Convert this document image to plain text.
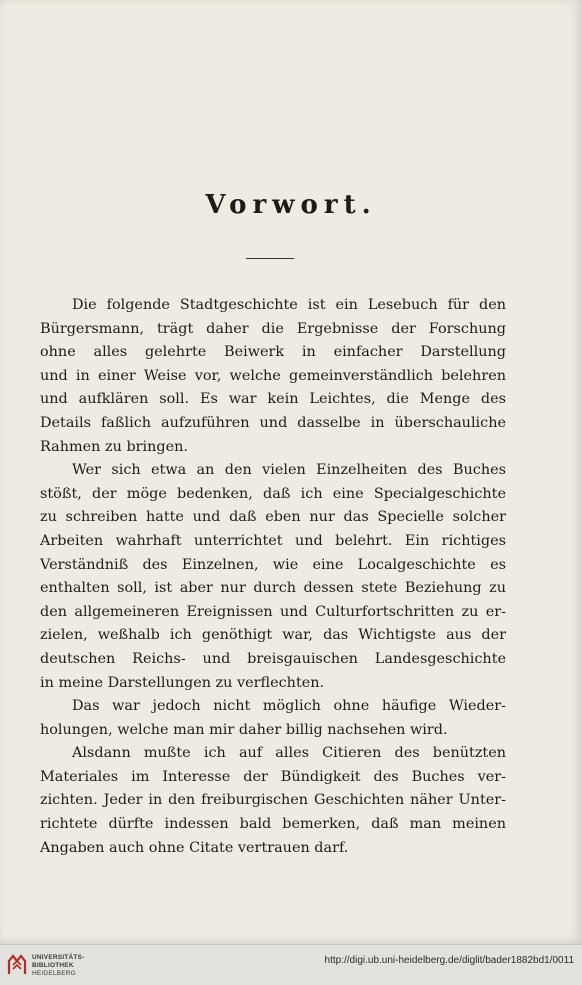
Vorwort.
Die folgende Stadtgeschichte ist ein Lesebuch für den
Bürgersmann, trägt daher die Ergebnisse der Forschung
ohne alles gelehrte Beiwerk in einfacher Darstellung
und in einer Weise vor, welche gemeinverständlich belehren
und aufklären soll. Es war kein Leichtes, die Menge des
Details faßlich aufzuführen und dasselbe in überschauliche
Rahmen zu bringen.
Wer sich etwa an den vielen Einzelheiten des Buches
stößt, der möge bedenken, daß ich eine Specialgeschichte
zu schreiben hatte und daß eben nur das Specielle solcher
Arbeiten wahrhaft unterrichtet und belehrt. Ein richtiges
Verständniß des Einzelnen, wie eine Localgeschichte es
enthalten soll, ist aber nur durch dessen stete Beziehung zu
den allgemeineren Ereignissen und Culturfortschritten zu er-
zielen, weßhalb ich genöthigt war, das Wichtigste aus der
deutschen Reichs- und breisgauischen Landesgeschichte
in meine Darstellungen zu verflechten.
Das war jedoch nicht möglich ohne häufige Wieder-
holungen, welche man mir daher billig nachsehen wird.
Alsdann mußte ich auf alles Citieren des benützten
Materiales im Interesse der Bündigkeit des Buches ver-
zichten. Jeder in den freiburgischen Geschichten näher Unter-
richtete dürfte indessen bald bemerken, daß man meinen
Angaben auch ohne Citate vertrauen darf.
UNIVERSITÄTS-
BIBLIOTHEK
HEIDELBERG
http://digi.ub.uni-heidelberg.de/diglit/bader1882bd1/0011
